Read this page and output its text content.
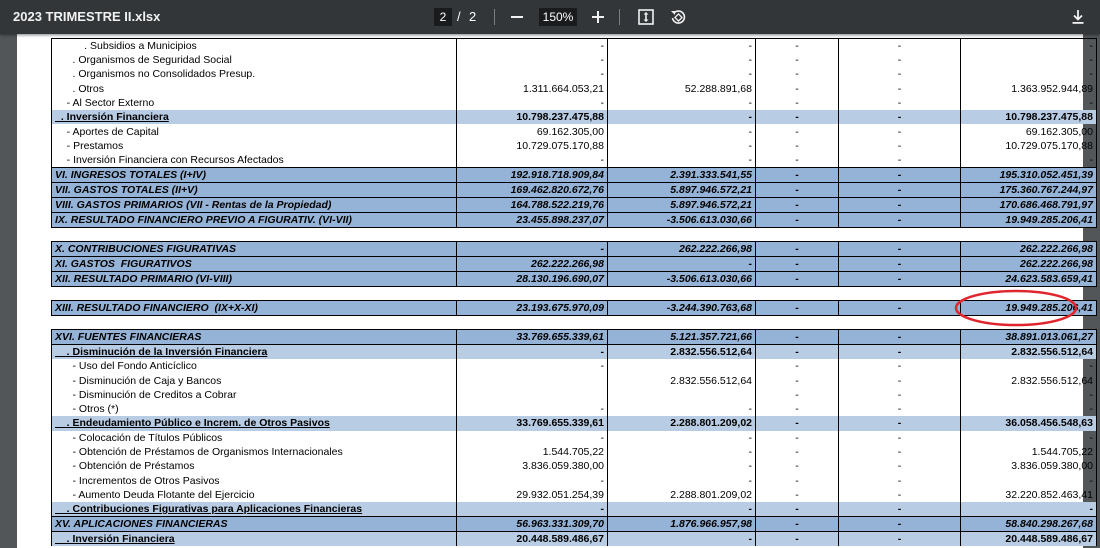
2023 TRIMESTRE II.xlsx	2 / 2	150%
. Subsidios a Municipios	-	-	-	-	-
. Organismos de Seguridad Social	-	-	-	-	-
. Organismos no Consolidados Presup.	-	-	-	-	-
. Otros	1.311.664.053,21	52.288.891,68	-	-	1.363.952.944,89
- Al Sector Externo	-	-	-	-	-
. Inversión Financiera	10.798.237.475,88	-	-	-	10.798.237.475,88
- Aportes de Capital	69.162.305,00	-	-	-	69.162.305,00
- Prestamos	10.729.075.170,88	-	-	-	10.729.075.170,88
- Inversión Financiera con Recursos Afectados	-	-	-	-	-
VI. INGRESOS TOTALES (I+IV)	192.918.718.909,84	2.391.333.541,55	-	-	195.310.052.451,39
VII. GASTOS TOTALES (II+V)	169.462.820.672,76	5.897.946.572,21	-	-	175.360.767.244,97
VIII. GASTOS PRIMARIOS (VII - Rentas de la Propiedad)	164.788.522.219,76	5.897.946.572,21	-	-	170.686.468.791,97
IX. RESULTADO FINANCIERO PREVIO A FIGURATIV. (VI-VII)	23.455.898.237,07	-3.506.613.030,66	-	-	19.949.285.206,41

X. CONTRIBUCIONES FIGURATIVAS	-	262.222.266,98	-	-	262.222.266,98
XI. GASTOS  FIGURATIVOS	262.222.266,98	-	-	-	262.222.266,98
XII. RESULTADO PRIMARIO (VI-VIII)	28.130.196.690,07	-3.506.613.030,66	-	-	24.623.583.659,41

XIII. RESULTADO FINANCIERO  (IX+X-XI)	23.193.675.970,09	-3.244.390.763,68	-	-	19.949.285.206,41

XVI. FUENTES FINANCIERAS	33.769.655.339,61	5.121.357.721,66	-	-	38.891.013.061,27
. Disminución de la Inversión Financiera	-	2.832.556.512,64	-	-	2.832.556.512,64
- Uso del Fondo Anticíclico	-		-	-	-
- Disminución de Caja y Bancos		2.832.556.512,64	-	-	2.832.556.512,64
- Disminución de Creditos a Cobrar			-	-	-
- Otros (*)	-	-	-	-	-
. Endeudamiento Público e Increm. de Otros Pasivos	33.769.655.339,61	2.288.801.209,02	-	-	36.058.456.548,63
- Colocación de Títulos Públicos	-	-	-	-	-
- Obtención de Préstamos de Organismos Internacionales	1.544.705,22	-	-	-	1.544.705,22
- Obtención de Préstamos	3.836.059.380,00	-	-	-	3.836.059.380,00
- Incrementos de Otros Pasivos	-	-	-	-	-
- Aumento Deuda Flotante del Ejercicio	29.932.051.254,39	2.288.801.209,02	-	-	32.220.852.463,41
. Contribuciones Figurativas para Aplicaciones Financieras	-	-	-	-	-
XV. APLICACIONES FINANCIERAS	56.963.331.309,70	1.876.966.957,98	-	-	58.840.298.267,68
. Inversión Financiera	20.448.589.486,67	-	-	-	20.448.589.486,67
